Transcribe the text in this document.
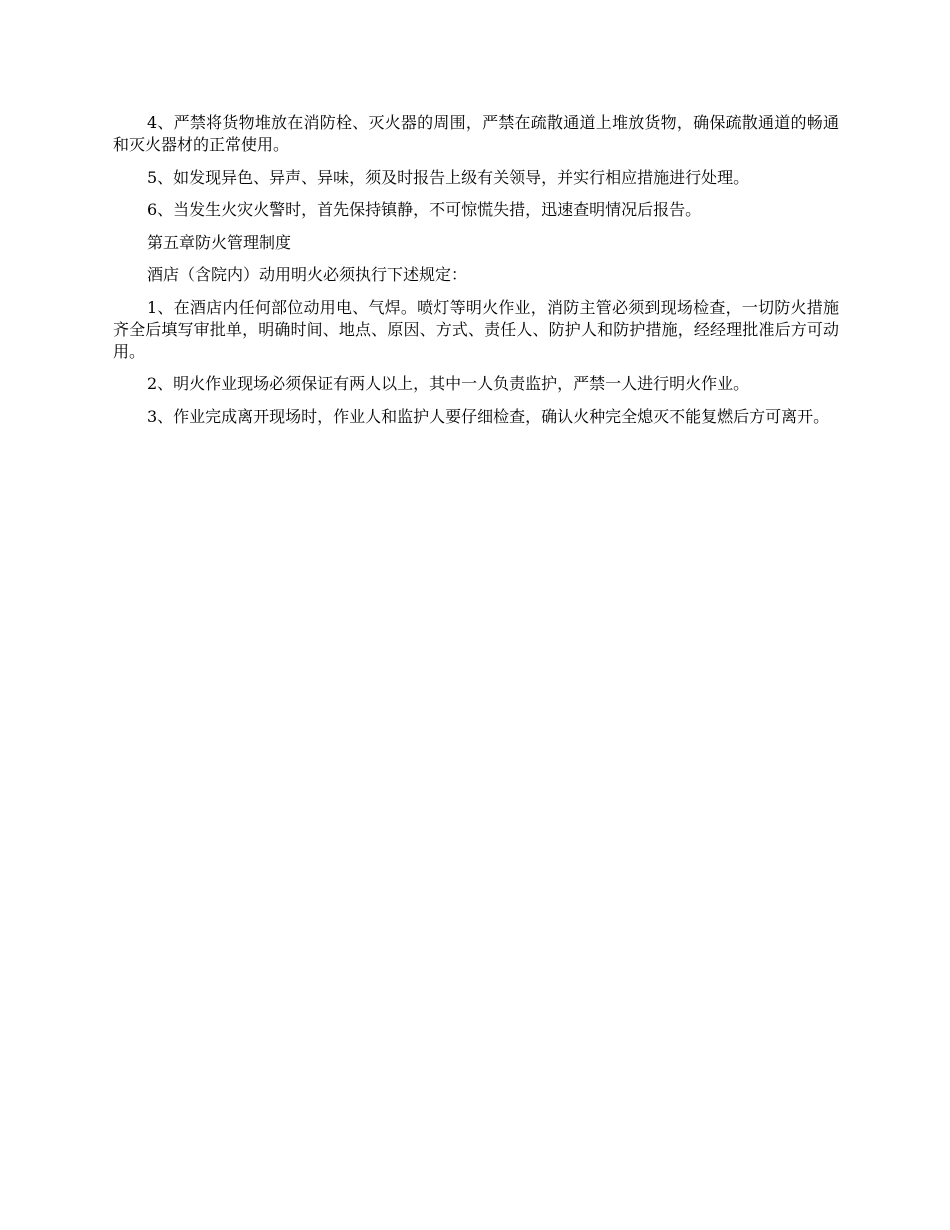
4、严禁将货物堆放在消防栓、灭火器的周围，严禁在疏散通道上堆放货物，确保疏散通道的畅通和灭火器材的正常使用。

5、如发现异色、异声、异味，须及时报告上级有关领导，并实行相应措施进行处理。

6、当发生火灾火警时，首先保持镇静，不可惊慌失措，迅速查明情况后报告。

第五章防火管理制度

酒店（含院内）动用明火必须执行下述规定：

1、在酒店内任何部位动用电、气焊。喷灯等明火作业，消防主管必须到现场检查，一切防火措施齐全后填写审批单，明确时间、地点、原因、方式、责任人、防护人和防护措施，经经理批准后方可动用。

2、明火作业现场必须保证有两人以上，其中一人负责监护，严禁一人进行明火作业。

3、作业完成离开现场时，作业人和监护人要仔细检查，确认火种完全熄灭不能复燃后方可离开。
